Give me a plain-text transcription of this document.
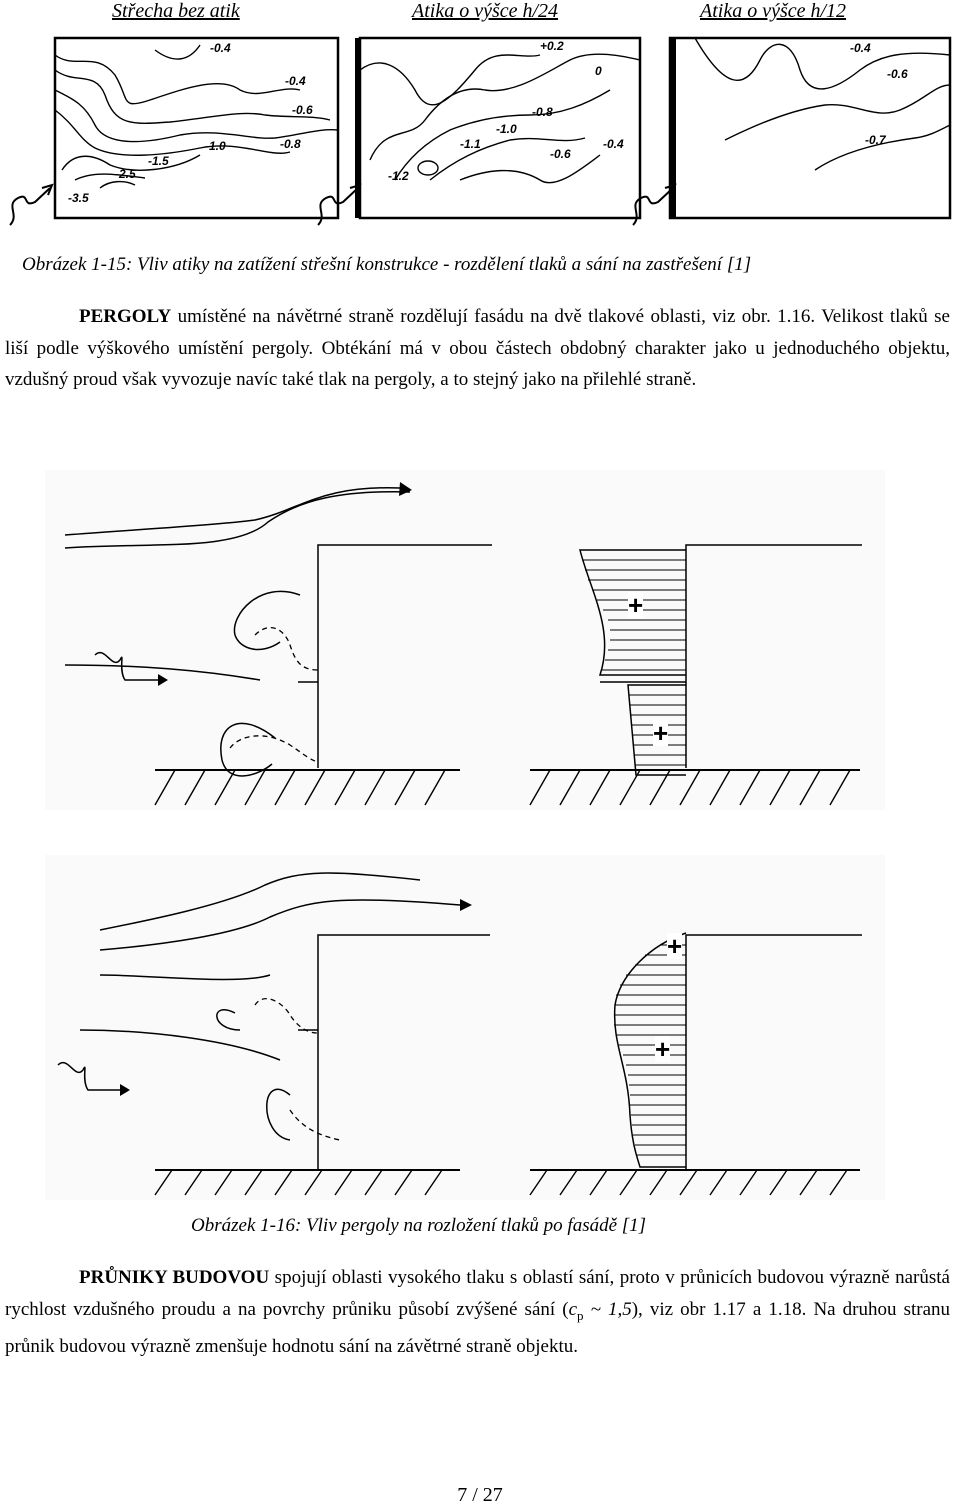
Střecha bez atik	Atika o výšce h/24	Atika o výšce h/12
-0.4
-0.4
-0.6
-0.8
-1.0
-1.5
-2.5
-3.5
+0.2
0
-0.8
-1.0
-1.1
-0.6
-0.4
-1.2
-0.4
-0.6
-0.7
Obrázek 1-15: Vliv atiky na zatížení střešní konstrukce - rozdělení tlaků a sání na zastřešení [1]

PERGOLY umístěné na návětrné straně rozdělují fasádu na dvě tlakové oblasti, viz obr. 1.16. Velikost tlaků se liší podle výškového umístění pergoly. Obtékání má v obou částech obdobný charakter jako u jednoduchého objektu, vzdušný proud však vyvozuje navíc také tlak na pergoly, a to stejný jako na přilehlé straně.

+
+
+
+
Obrázek 1-16: Vliv pergoly na rozložení tlaků po fasádě [1]

PRŮNIKY BUDOVOU spojují oblasti vysokého tlaku s oblastí sání, proto v průnicích budovou výrazně narůstá rychlost vzdušného proudu a na povrchy průniku působí zvýšené sání ($c_p$ ~ 1,5), viz obr 1.17 a 1.18. Na druhou stranu průnik budovou výrazně zmenšuje hodnotu sání na závětrné straně objektu.

7 / 27
